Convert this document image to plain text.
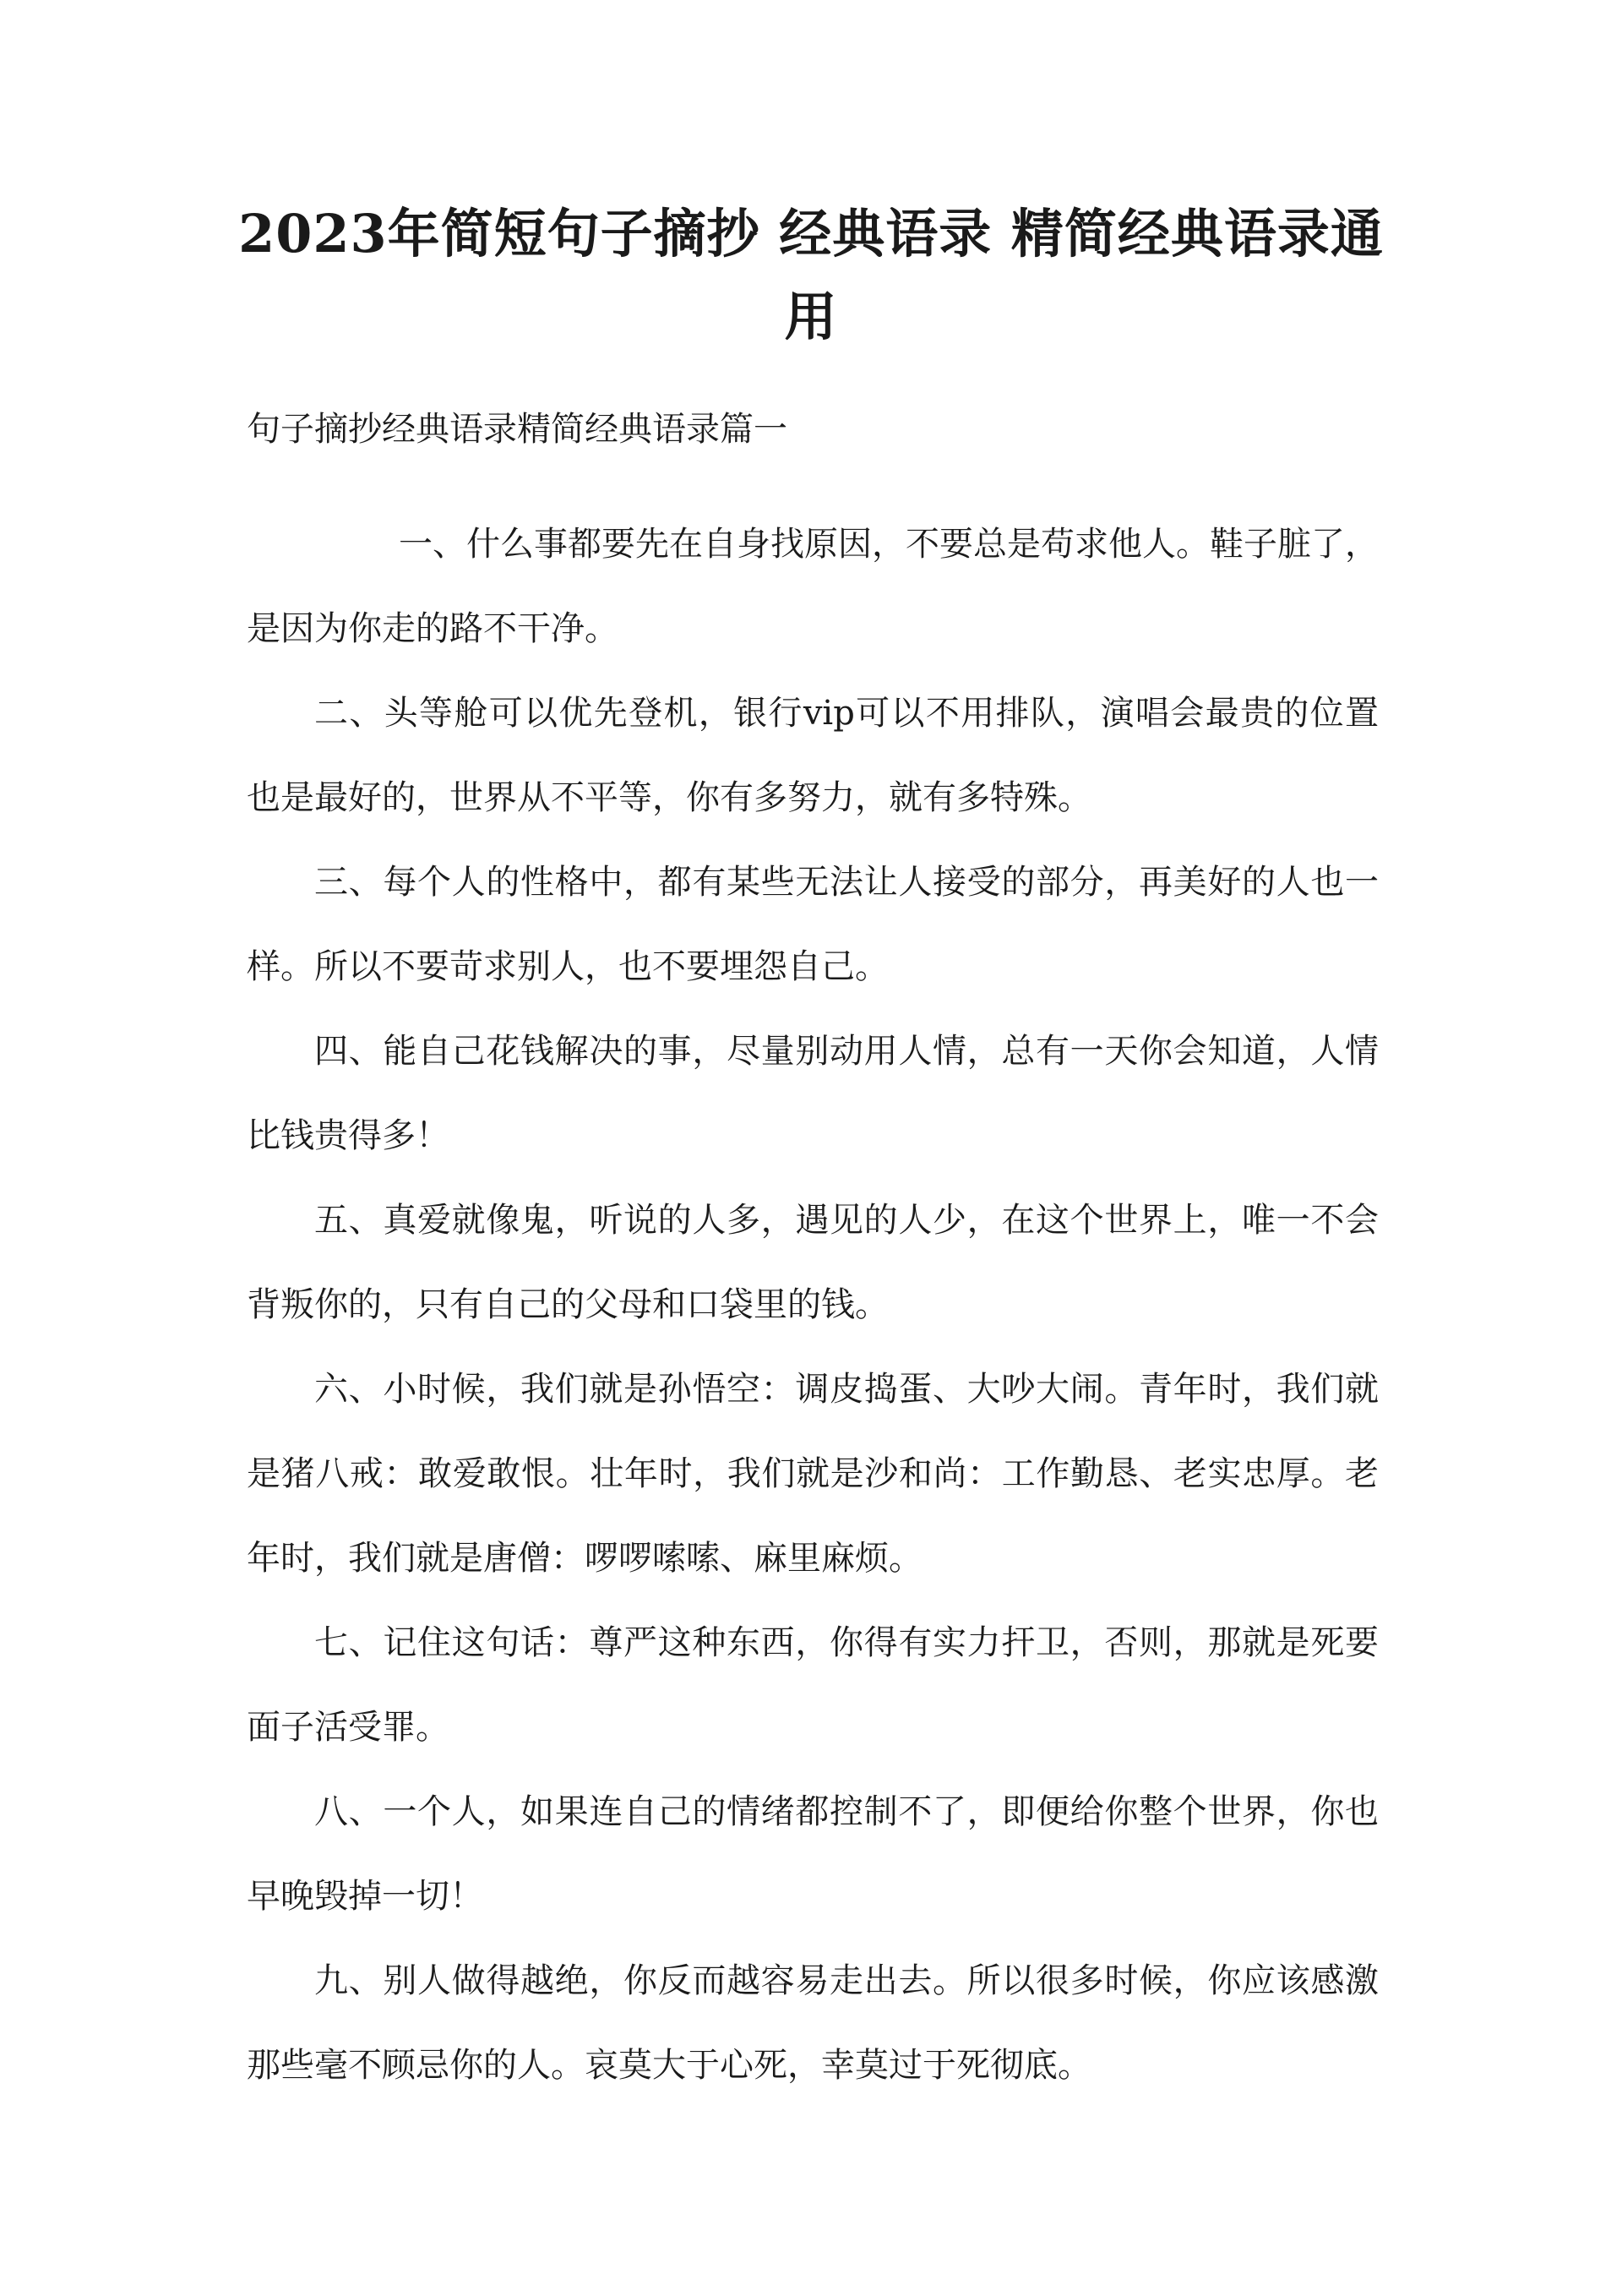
2023年简短句子摘抄 经典语录 精简经典语录通用

句子摘抄经典语录精简经典语录篇一

一、什么事都要先在自身找原因，不要总是苟求他人。鞋子脏了，是因为你走的路不干净。

二、头等舱可以优先登机，银行vip可以不用排队，演唱会最贵的位置也是最好的，世界从不平等，你有多努力，就有多特殊。

三、每个人的性格中，都有某些无法让人接受的部分，再美好的人也一样。所以不要苛求别人，也不要埋怨自己。

四、能自己花钱解决的事，尽量别动用人情，总有一天你会知道，人情比钱贵得多！

五、真爱就像鬼，听说的人多，遇见的人少，在这个世界上，唯一不会背叛你的，只有自己的父母和口袋里的钱。

六、小时候，我们就是孙悟空：调皮捣蛋、大吵大闹。青年时，我们就是猪八戒：敢爱敢恨。壮年时，我们就是沙和尚：工作勤恳、老实忠厚。老年时，我们就是唐僧：啰啰嗦嗦、麻里麻烦。

七、记住这句话：尊严这种东西，你得有实力扞卫，否则，那就是死要面子活受罪。

八、一个人，如果连自己的情绪都控制不了，即便给你整个世界，你也早晚毁掉一切！

九、别人做得越绝，你反而越容易走出去。所以很多时候，你应该感激那些毫不顾忌你的人。哀莫大于心死，幸莫过于死彻底。
